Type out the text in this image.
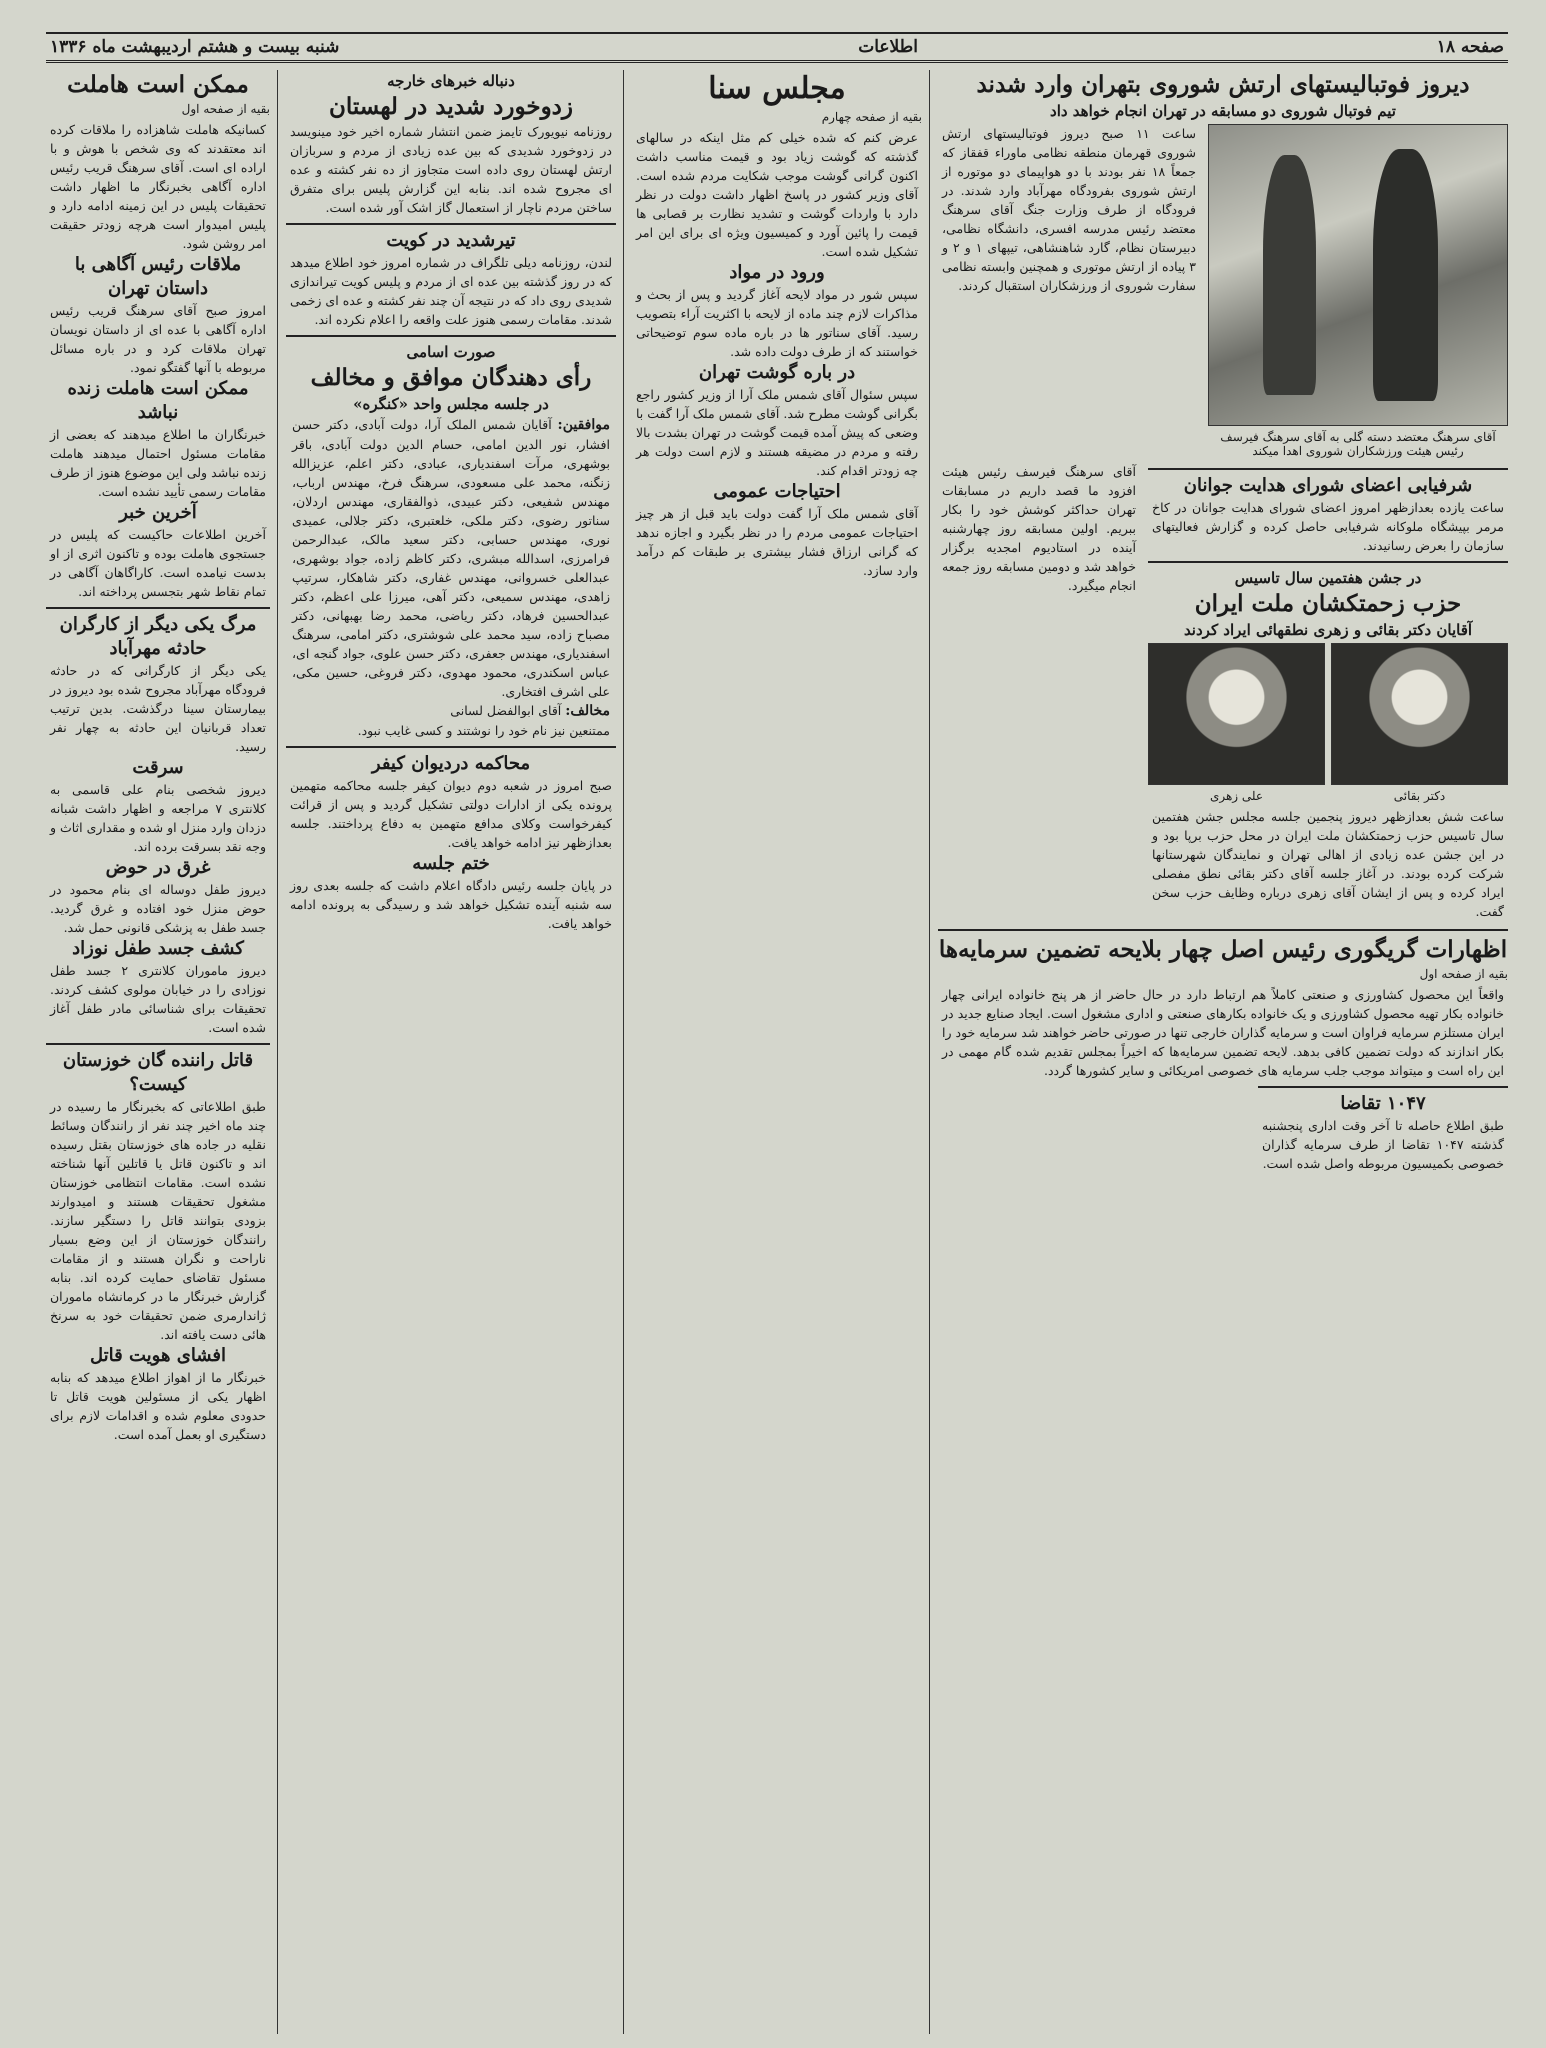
صفحه ۱۸
اطلاعات
شنبه بیست و هشتم اردیبهشت ماه ۱۳۳۶
دیروز فوتبالیستهای ارتش شوروی بتهران وارد شدند
تیم فوتبال شوروی دو مسابقه در تهران انجام خواهد داد
آقای سرهنگ معتضد دسته گلی به آقای سرهنگ فیرسف رئیس هیئت ورزشکاران شوروی اهدا میکند

ساعت ۱۱ صبح دیروز فوتبالیستهای ارتش شوروی قهرمان منطقه نظامی ماوراء قفقاز که جمعاً ۱۸ نفر بودند با دو هواپیمای دو موتوره از ارتش شوروی بفرودگاه مهرآباد وارد شدند. در فرودگاه از طرف وزارت جنگ آقای سرهنگ معتضد رئیس مدرسه افسری، دانشگاه نظامی، دبیرستان نظام، گارد شاهنشاهی، تیپهای ۱ و ۲ و ۳ پیاده از ارتش موتوری و همچنین وابسته نظامی سفارت شوروی از ورزشکاران استقبال کردند.

شرفیابی اعضای شورای هدایت جوانان

ساعت یازده بعدازظهر امروز اعضای شورای هدایت جوانان در کاخ مرمر بپیشگاه ملوکانه شرفیابی حاصل کرده و گزارش فعالیتهای سازمان را بعرض رسانیدند.

در جشن هفتمین سال تاسیس
حزب زحمتکشان ملت ایران
آقایان دکتر بقائی و زهری نطقهائی ایراد کردند
دکتر بقائی
علی زهری

ساعت شش بعدازظهر دیروز پنجمین جلسه مجلس جشن هفتمین سال تاسیس حزب زحمتکشان ملت ایران در محل حزب برپا بود و در این جشن عده زیادی از اهالی تهران و نمایندگان شهرستانها شرکت کرده بودند. در آغاز جلسه آقای دکتر بقائی نطق مفصلی ایراد کرده و پس از ایشان آقای زهری درباره وظایف حزب سخن گفت.

آقای سرهنگ فیرسف رئیس هیئت افزود ما قصد داریم در مسابقات تهران حداکثر کوشش خود را بکار ببریم. اولین مسابقه روز چهارشنبه آینده در استادیوم امجدیه برگزار خواهد شد و دومین مسابقه روز جمعه انجام میگیرد.

اظهارات گریگوری رئیس اصل چهار بلایحه تضمین سرمایه‌ها
بقیه از صفحه اول

واقعاً این محصول کشاورزی و صنعتی کاملاً هم ارتباط دارد در حال حاضر از هر پنج خانواده ایرانی چهار خانواده بکار تهیه محصول کشاورزی و یک خانواده بکارهای صنعتی و اداری مشغول است. ایجاد صنایع جدید در ایران مستلزم سرمایه فراوان است و سرمایه گذاران خارجی تنها در صورتی حاضر خواهند شد سرمایه خود را بکار اندازند که دولت تضمین کافی بدهد. لایحه تضمین سرمایه‌ها که اخیراً بمجلس تقدیم شده گام مهمی در این راه است و میتواند موجب جلب سرمایه های خصوصی امریکائی و سایر کشورها گردد.

۱۰۴۷ تقاضا

طبق اطلاع حاصله تا آخر وقت اداری پنجشنبه گذشته ۱۰۴۷ تقاضا از طرف سرمایه گذاران خصوصی بکمیسیون مربوطه واصل شده است.

مجلس سنا
بقیه از صفحه چهارم

عرض کنم که شده خیلی کم مثل اینکه در سالهای گذشته که گوشت زیاد بود و قیمت مناسب داشت اکنون گرانی گوشت موجب شکایت مردم شده است. آقای وزیر کشور در پاسخ اظهار داشت دولت در نظر دارد با واردات گوشت و تشدید نظارت بر قصابی ها قیمت را پائین آورد و کمیسیون ویژه ای برای این امر تشکیل شده است.

ورود در مواد

سپس شور در مواد لایحه آغاز گردید و پس از بحث و مذاکرات لازم چند ماده از لایحه با اکثریت آراء بتصویب رسید. آقای سناتور ها در باره ماده سوم توضیحاتی خواستند که از طرف دولت داده شد.

در باره گوشت تهران

سپس سئوال آقای شمس ملک آرا از وزیر کشور راجع بگرانی گوشت مطرح شد. آقای شمس ملک آرا گفت با وضعی که پیش آمده قیمت گوشت در تهران بشدت بالا رفته و مردم در مضیقه هستند و لازم است دولت هر چه زودتر اقدام کند.

احتیاجات عمومی

آقای شمس ملک آرا گفت دولت باید قبل از هر چیز احتیاجات عمومی مردم را در نظر بگیرد و اجازه ندهد که گرانی ارزاق فشار بیشتری بر طبقات کم درآمد وارد سازد.

دنباله خبرهای خارجه
زدوخورد شدید در لهستان

روزنامه نیویورک تایمز ضمن انتشار شماره اخیر خود مینویسد در زدوخورد شدیدی که بین عده زیادی از مردم و سربازان ارتش لهستان روی داده است متجاوز از ده نفر کشته و عده ای مجروح شده اند. بنابه این گزارش پلیس برای متفرق ساختن مردم ناچار از استعمال گاز اشک آور شده است.

تیرشدید در کویت

لندن، روزنامه دیلی تلگراف در شماره امروز خود اطلاع میدهد که در روز گذشته بین عده ای از مردم و پلیس کویت تیراندازی شدیدی روی داد که در نتیجه آن چند نفر کشته و عده ای زخمی شدند. مقامات رسمی هنوز علت واقعه را اعلام نکرده اند.

صورت اسامی
رأی دهندگان موافق و مخالف
در جلسه مجلس واحد «کنگره»

موافقین: آقایان شمس الملک آرا، دولت آبادی، دکتر حسن افشار، نور الدین امامی، حسام الدین دولت آبادی، باقر بوشهری، مرآت اسفندیاری، عبادی، دکتر اعلم، عزیزالله زنگنه، محمد علی مسعودی، سرهنگ فرخ، مهندس ارباب، مهندس شفیعی، دکتر عبیدی، ذوالفقاری، مهندس اردلان، سناتور رضوی، دکتر ملکی، خلعتبری، دکتر جلالی، عمیدی نوری، مهندس حسابی، دکتر سعید مالک، عبدالرحمن فرامرزی، اسدالله مبشری، دکتر کاظم زاده، جواد بوشهری، عبدالعلی خسروانی، مهندس غفاری، دکتر شاهکار، سرتیپ زاهدی، مهندس سمیعی، دکتر آهی، میرزا علی اعظم، دکتر عبدالحسین فرهاد، دکتر ریاضی، محمد رضا بهبهانی، دکتر مصباح زاده، سید محمد علی شوشتری، دکتر امامی، سرهنگ اسفندیاری، مهندس جعفری، دکتر حسن علوی، جواد گنجه ای، عباس اسکندری، محمود مهدوی، دکتر فروغی، حسین مکی، علی اشرف افتخاری.

مخالف: آقای ابوالفضل لسانی

ممتنعین نیز نام خود را نوشتند و کسی غایب نبود.

محاکمه دردیوان کیفر

صبح امروز در شعبه دوم دیوان کیفر جلسه محاکمه متهمین پرونده یکی از ادارات دولتی تشکیل گردید و پس از قرائت کیفرخواست وکلای مدافع متهمین به دفاع پرداختند. جلسه بعدازظهر نیز ادامه خواهد یافت.

ختم جلسه

در پایان جلسه رئیس دادگاه اعلام داشت که جلسه بعدی روز سه شنبه آینده تشکیل خواهد شد و رسیدگی به پرونده ادامه خواهد یافت.

ممکن است هاملت
بقیه از صفحه اول

کسانیکه هاملت شاهزاده را ملاقات کرده اند معتقدند که وی شخص با هوش و با اراده ای است. آقای سرهنگ قریب رئیس اداره آگاهی بخبرنگار ما اظهار داشت تحقیقات پلیس در این زمینه ادامه دارد و پلیس امیدوار است هرچه زودتر حقیقت امر روشن شود.

ملاقات رئیس آگاهی با داستان تهران

امروز صبح آقای سرهنگ قریب رئیس اداره آگاهی با عده ای از داستان نویسان تهران ملاقات کرد و در باره مسائل مربوطه با آنها گفتگو نمود.

ممکن است هاملت زنده نباشد

خبرنگاران ما اطلاع میدهند که بعضی از مقامات مسئول احتمال میدهند هاملت زنده نباشد ولی این موضوع هنوز از طرف مقامات رسمی تأیید نشده است.

آخرین خبر

آخرین اطلاعات حاکیست که پلیس در جستجوی هاملت بوده و تاکنون اثری از او بدست نیامده است. کاراگاهان آگاهی در تمام نقاط شهر بتجسس پرداخته اند.

مرگ یکی دیگر از کارگران حادثه مهرآباد

یکی دیگر از کارگرانی که در حادثه فرودگاه مهرآباد مجروح شده بود دیروز در بیمارستان سینا درگذشت. بدین ترتیب تعداد قربانیان این حادثه به چهار نفر رسید.

سرقت

دیروز شخصی بنام علی قاسمی به کلانتری ۷ مراجعه و اظهار داشت شبانه دزدان وارد منزل او شده و مقداری اثاث و وجه نقد بسرقت برده اند.

غرق در حوض

دیروز طفل دوساله ای بنام محمود در حوض منزل خود افتاده و غرق گردید. جسد طفل به پزشکی قانونی حمل شد.

کشف جسد طفل نوزاد

دیروز ماموران کلانتری ۲ جسد طفل نوزادی را در خیابان مولوی کشف کردند. تحقیقات برای شناسائی مادر طفل آغاز شده است.

قاتل راننده گان خوزستان کیست؟

طبق اطلاعاتی که بخبرنگار ما رسیده در چند ماه اخیر چند نفر از رانندگان وسائط نقلیه در جاده های خوزستان بقتل رسیده اند و تاکنون قاتل یا قاتلین آنها شناخته نشده است. مقامات انتظامی خوزستان مشغول تحقیقات هستند و امیدوارند بزودی بتوانند قاتل را دستگیر سازند. رانندگان خوزستان از این وضع بسیار ناراحت و نگران هستند و از مقامات مسئول تقاضای حمایت کرده اند. بنابه گزارش خبرنگار ما در کرمانشاه ماموران ژاندارمری ضمن تحقیقات خود به سرنخ هائی دست یافته اند.

افشای هویت قاتل

خبرنگار ما از اهواز اطلاع میدهد که بنابه اظهار یکی از مسئولین هویت قاتل تا حدودی معلوم شده و اقدامات لازم برای دستگیری او بعمل آمده است.
